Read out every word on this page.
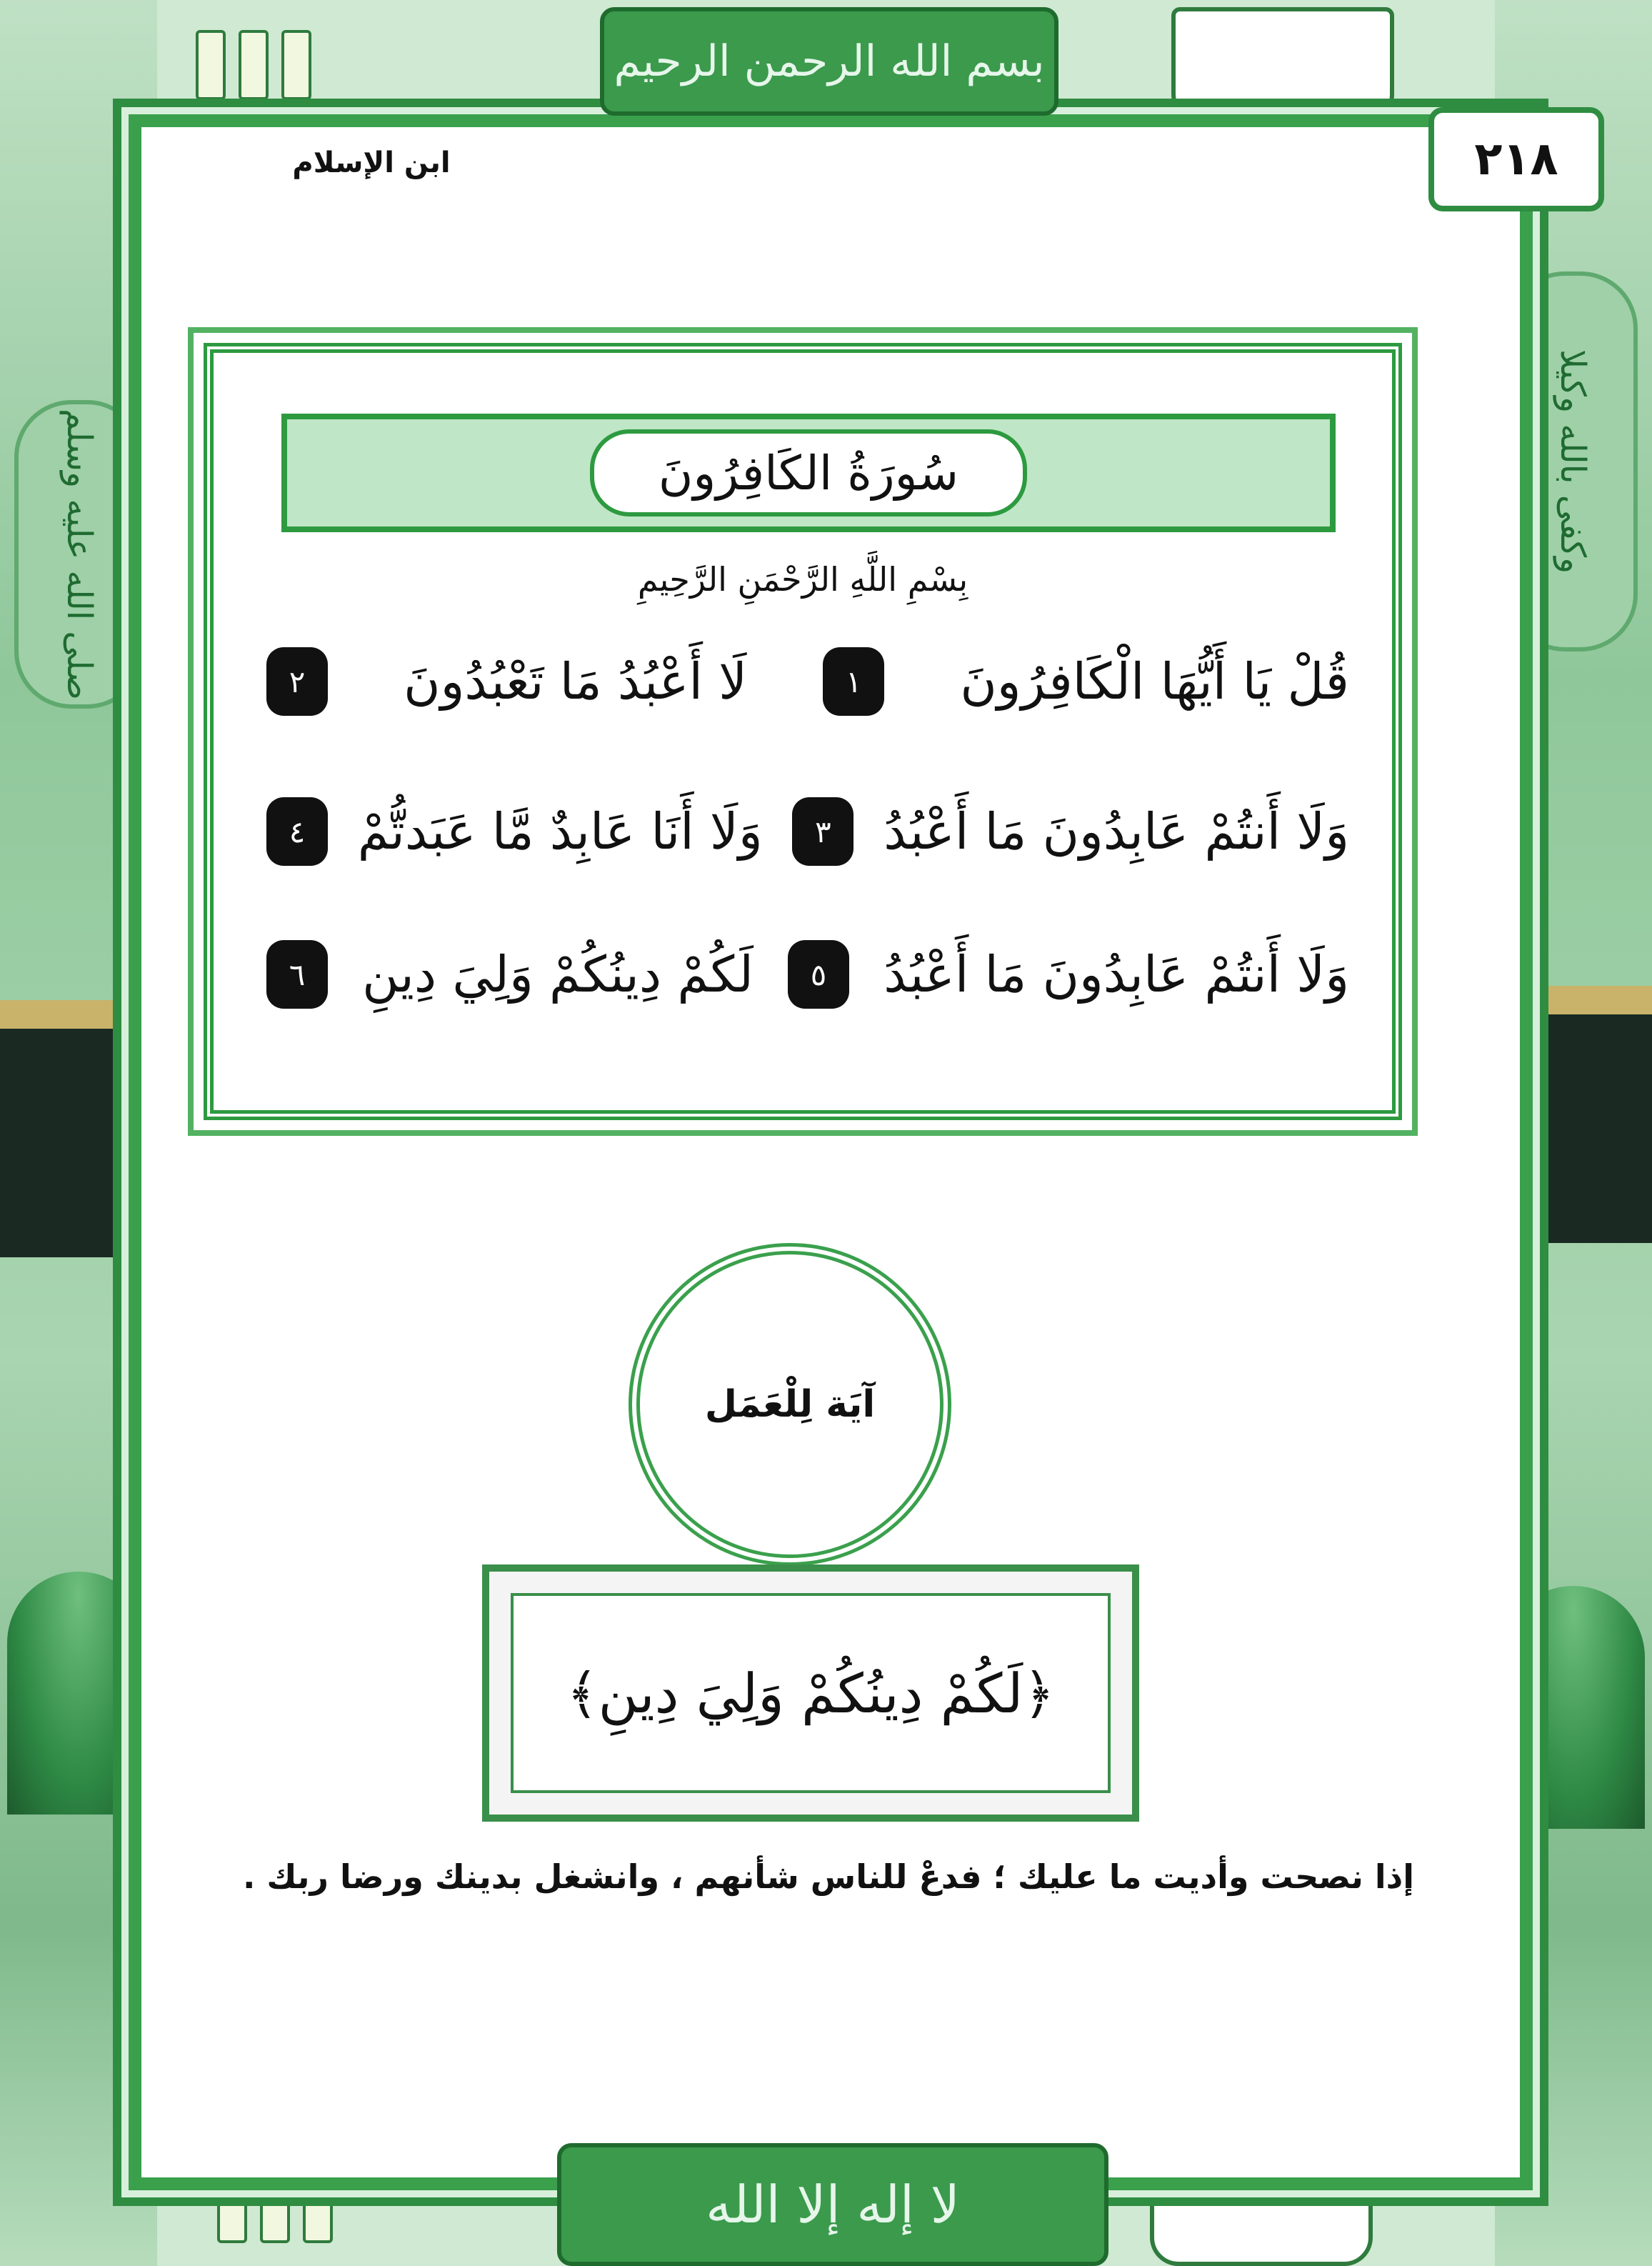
صلى الله عليه وسلم	وكفى بالله وكيلا
بسم الله الرحمن الرحيم
٢١٨
ابن الإسلام
سُورَةُ الكَافِرُونَ
بِسْمِ اللَّهِ الرَّحْمَنِ الرَّحِيمِ
قُلْ يَا أَيُّهَا الْكَافِرُونَ
١
لَا أَعْبُدُ مَا تَعْبُدُونَ
٢
وَلَا أَنتُمْ عَابِدُونَ مَا أَعْبُدُ
٣
وَلَا أَنَا عَابِدٌ مَّا عَبَدتُّمْ
٤
وَلَا أَنتُمْ عَابِدُونَ مَا أَعْبُدُ
٥
لَكُمْ دِينُكُمْ وَلِيَ دِينِ
٦
آيَة لِلْعَمَل
﴿لَكُمْ دِينُكُمْ وَلِيَ دِينِ﴾
إذا نصحت وأديت ما عليك ؛ فدعْ للناس شأنهم ، وانشغل بدينك ورضا ربك .
لا إله إلا الله
